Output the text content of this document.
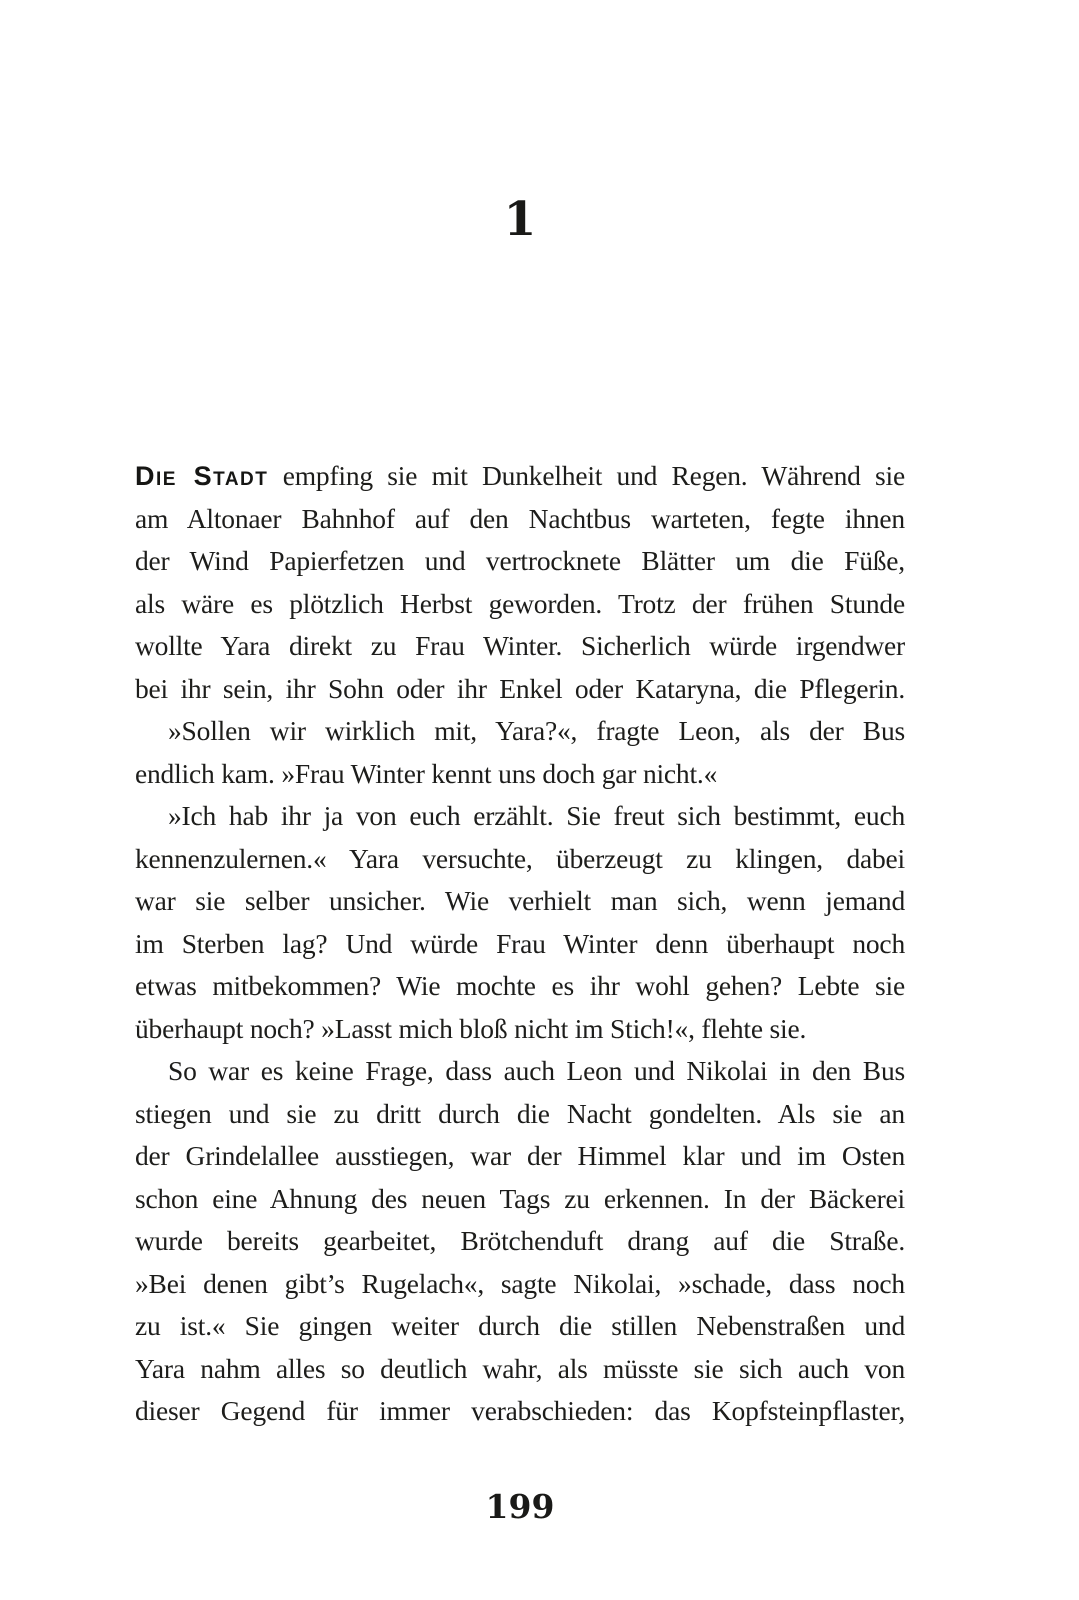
1
Die Stadt empfing sie mit Dunkelheit und Regen. Während sie
am Altonaer Bahnhof auf den Nachtbus warteten, fegte ihnen
der Wind Papierfetzen und vertrocknete Blätter um die Füße,
als wäre es plötzlich Herbst geworden. Trotz der frühen Stunde
wollte Yara direkt zu Frau Winter. Sicherlich würde irgendwer
bei ihr sein, ihr Sohn oder ihr Enkel oder Kataryna, die Pflegerin.
»Sollen wir wirklich mit, Yara?«, fragte Leon, als der Bus
endlich kam. »Frau Winter kennt uns doch gar nicht.«
»Ich hab ihr ja von euch erzählt. Sie freut sich bestimmt, euch
kennenzulernen.« Yara versuchte, überzeugt zu klingen, dabei
war sie selber unsicher. Wie verhielt man sich, wenn jemand
im Sterben lag? Und würde Frau Winter denn überhaupt noch
etwas mitbekommen? Wie mochte es ihr wohl gehen? Lebte sie
überhaupt noch? »Lasst mich bloß nicht im Stich!«, flehte sie.
So war es keine Frage, dass auch Leon und Nikolai in den Bus
stiegen und sie zu dritt durch die Nacht gondelten. Als sie an
der Grindelallee ausstiegen, war der Himmel klar und im Osten
schon eine Ahnung des neuen Tags zu erkennen. In der Bäckerei
wurde bereits gearbeitet, Brötchenduft drang auf die Straße.
»Bei denen gibt’s Rugelach«, sagte Nikolai, »schade, dass noch
zu ist.« Sie gingen weiter durch die stillen Nebenstraßen und
Yara nahm alles so deutlich wahr, als müsste sie sich auch von
dieser Gegend für immer verabschieden: das Kopfsteinpflaster,
199
